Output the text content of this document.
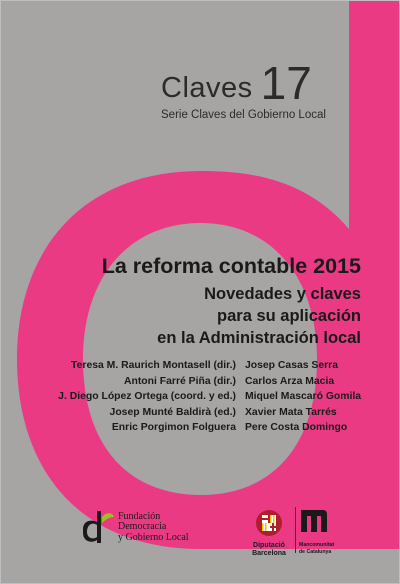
Claves 17
Serie Claves del Gobierno Local
La reforma contable 2015
Novedades y claves
para su aplicación
en la Administración local
Teresa M. Raurich Montasell (dir.)
Antoni Farré Piña (dir.)
J. Diego López Ortega (coord. y ed.)
Josep Munté Baldirà (ed.)
Enric Porgimon Folguera
Josep Casas Serra
Carlos Arza Macia
Miquel Mascaró Gomila
Xavier Mata Tarrés
Pere Costa Domingo
Fundación
Democracia
y Gobierno Local
Diputació
Barcelona
Mancomunitat
de Catalunya
